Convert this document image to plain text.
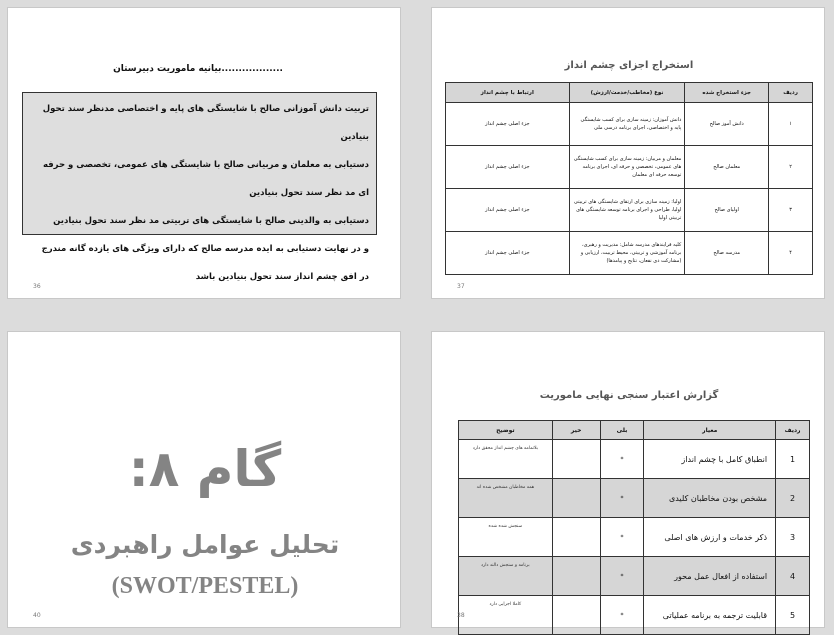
بیانیه ماموریت دبیرستان..................

تربیت دانش آموزانی صالح با شایستگی های پایه و اختصاصی مدنظر سند تحول بنیادین

دستیابی به معلمان و مربیانی صالح با شایستگی های عمومی، تخصصی و حرفه ای مد نظر سند تحول بنیادین

دستیابی به والدینی صالح با شایستگی های تربیتی مد نظر سند تحول بنیادین

و در نهایت دستیابی به ایده مدرسه صالح که دارای ویژگی های یازده گانه مندرج در افق چشم انداز سند تحول بنیادین باشد

36
استخراج اجزای چشم انداز
ردیف	جزء استخراج شده	نوع (مخاطب/خدمت/ارزش)	ارتباط با چشم انداز
۱	دانش آموز صالح	دانش آموزان: زمینه سازی برای کسب شایستگی پایه و اختصاصی، اجرای برنامه درسی ملی	جزء اصلی چشم انداز
۲	معلمان صالح	معلمان و مربیان: زمینه سازی برای کسب شایستگی های عمومی، تخصصی و حرفه ای، اجرای برنامه توسعه حرفه ای معلمان	جزء اصلی چشم انداز
۳	اولیای صالح	اولیا: زمینه سازی برای ارتقای شایستگی های تربیتی اولیا، طراحی و اجرای برنامه توسعه شایستگی های تربیتی اولیا	جزء اصلی چشم انداز
۴	مدرسه صالح	کلیه فرایندهای مدرسه شامل: مدیریت و رهبری، برنامه آموزشی و تربیتی، محیط تربیت، ارزیابی و (مشارکت ذی نفعان، نتایج و پیامدها)	جزء اصلی چشم انداز
37
گام ۸:
تحلیل عوامل راهبردی
(SWOT/PESTEL)
40
گزارش اعتبار سنجی نهایی ماموریت
ردیف	معیار	بلی	خیر	توضیح
1	انطباق کامل با چشم انداز	*		بلاتمامه های چشم انداز محقق دارد
2	مشخص بودن مخاطبان کلیدی	*		همه مخاطبان مشخص شده اند
3	ذکر خدمات و ارزش های اصلی	*		سنجش شده شده
4	استفاده از افعال عمل محور	*		برنامه و سنجش دالند دارد
5	قابلیت ترجمه به برنامه عملیاتی	*		کاملا اجرایی دارد
38
